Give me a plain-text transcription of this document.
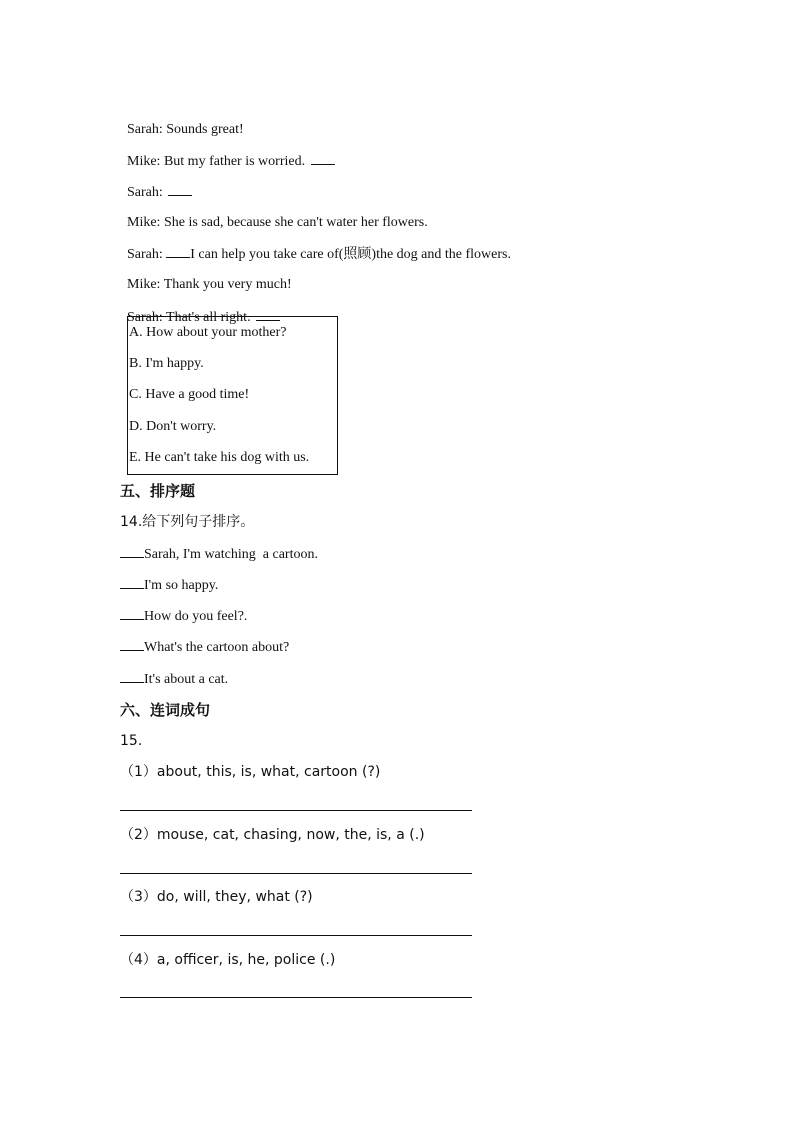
Sarah: Sounds great!

Mike: But my father is worried.

Sarah:

Mike: She is sad, because she can't water her flowers.

Sarah: I can help you take care of(照顾)the dog and the flowers.

Mike: Thank you very much!

Sarah: That's all right.

A. How about your mother?
B. I'm happy.
C. Have a good time!
D. Don't worry.
E. He can't take his dog with us.
五、排序题
14.给下列句子排序。
Sarah, I'm watching  a cartoon.
I'm so happy.
How do you feel?.
What's the cartoon about?
It's about a cat.
六、连词成句
15.
（1）about, this, is, what, cartoon (?)
（2）mouse, cat, chasing, now, the, is, a (.)
（3）do, will, they, what (?)
（4）a, officer, is, he, police (.)
